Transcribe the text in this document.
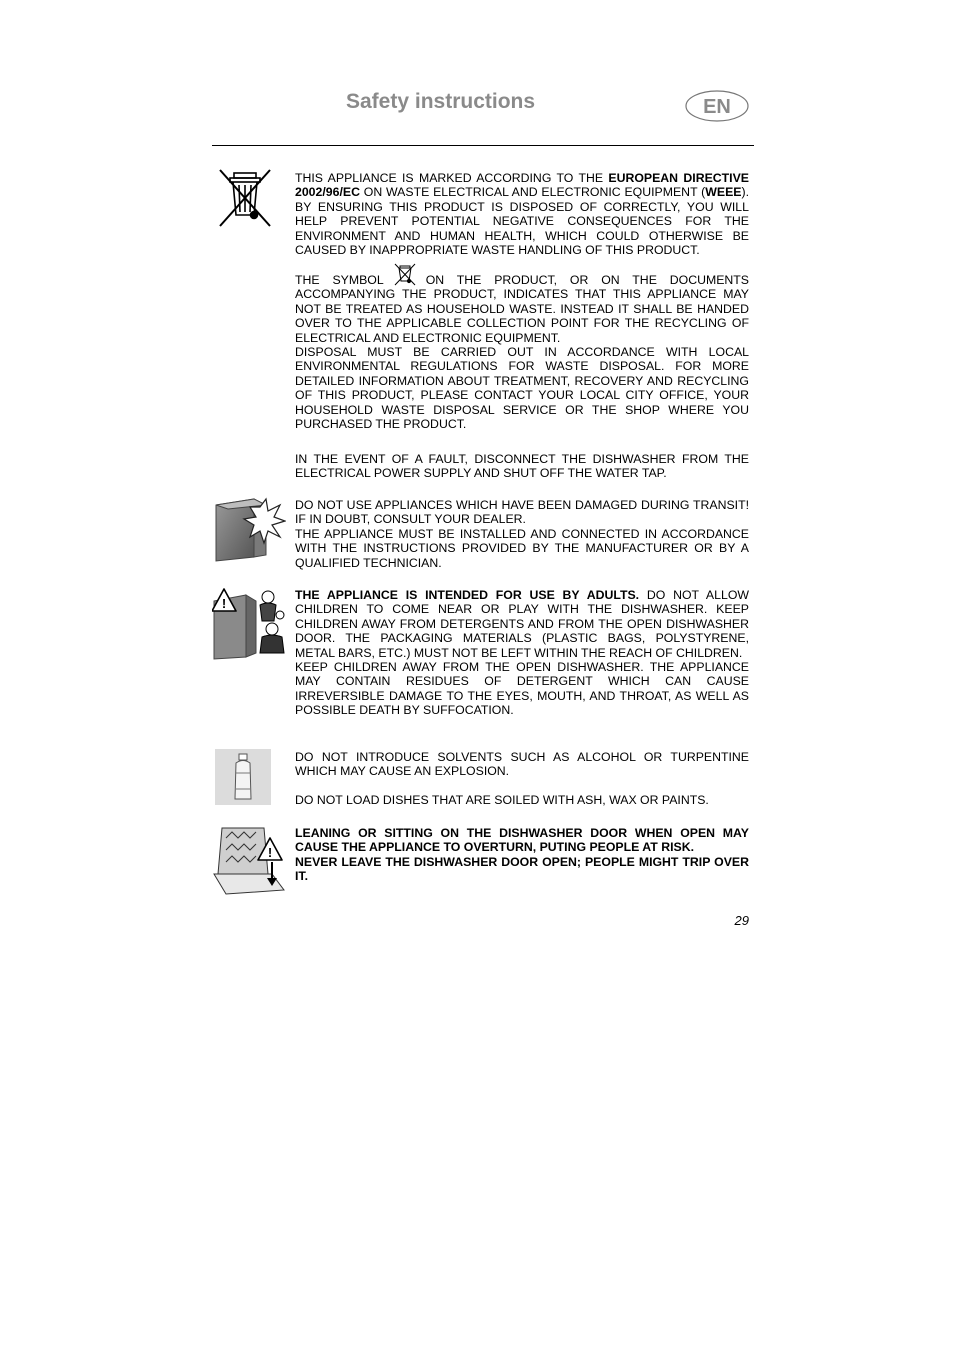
Safety instructions	EN

THIS APPLIANCE IS MARKED ACCORDING TO THE EUROPEAN DIRECTIVE 2002/96/EC ON WASTE ELECTRICAL AND ELECTRONIC EQUIPMENT (WEEE). BY ENSURING THIS PRODUCT IS DISPOSED OF CORRECTLY, YOU WILL HELP PREVENT POTENTIAL NEGATIVE CONSEQUENCES FOR THE ENVIRONMENT AND HUMAN HEALTH, WHICH COULD OTHERWISE BE CAUSED BY INAPPROPRIATE WASTE HANDLING OF THIS PRODUCT.

THE SYMBOL	ON THE PRODUCT, OR ON THE DOCUMENTS ACCOMPANYING THE PRODUCT, INDICATES THAT THIS APPLIANCE MAY NOT BE TREATED AS HOUSEHOLD WASTE. INSTEAD IT SHALL BE HANDED OVER TO THE APPLICABLE COLLECTION POINT FOR THE RECYCLING OF ELECTRICAL AND ELECTRONIC EQUIPMENT.

DISPOSAL MUST BE CARRIED OUT IN ACCORDANCE WITH LOCAL ENVIRONMENTAL REGULATIONS FOR WASTE DISPOSAL. FOR MORE DETAILED INFORMATION ABOUT TREATMENT, RECOVERY AND RECYCLING OF THIS PRODUCT, PLEASE CONTACT YOUR LOCAL CITY OFFICE, YOUR HOUSEHOLD WASTE DISPOSAL SERVICE OR THE SHOP WHERE YOU PURCHASED THE PRODUCT.

IN THE EVENT OF A FAULT, DISCONNECT THE DISHWASHER FROM THE ELECTRICAL POWER SUPPLY AND SHUT OFF THE WATER TAP.

DO NOT USE APPLIANCES WHICH HAVE BEEN DAMAGED DURING TRANSIT! IF IN DOUBT, CONSULT YOUR DEALER.

THE APPLIANCE MUST BE INSTALLED AND CONNECTED IN ACCORDANCE WITH THE INSTRUCTIONS PROVIDED BY THE MANUFACTURER OR BY A QUALIFIED TECHNICIAN.

!

THE APPLIANCE IS INTENDED FOR USE BY ADULTS. DO NOT ALLOW CHILDREN TO COME NEAR OR PLAY WITH THE DISHWASHER. KEEP CHILDREN AWAY FROM DETERGENTS AND FROM THE OPEN DISHWASHER DOOR. THE PACKAGING MATERIALS (PLASTIC BAGS, POLYSTYRENE, METAL BARS, ETC.) MUST NOT BE LEFT WITHIN THE REACH OF CHILDREN.

KEEP CHILDREN AWAY FROM THE OPEN DISHWASHER. THE APPLIANCE MAY CONTAIN RESIDUES OF DETERGENT WHICH CAN CAUSE IRREVERSIBLE DAMAGE TO THE EYES, MOUTH, AND THROAT, AS WELL AS POSSIBLE DEATH BY SUFFOCATION.

DO NOT INTRODUCE SOLVENTS SUCH AS ALCOHOL OR TURPENTINE WHICH MAY CAUSE AN EXPLOSION.

DO NOT LOAD DISHES THAT ARE SOILED WITH ASH, WAX OR PAINTS.

!

LEANING OR SITTING ON THE DISHWASHER DOOR WHEN OPEN MAY CAUSE THE APPLIANCE TO OVERTURN, PUTING PEOPLE AT RISK.

NEVER LEAVE THE DISHWASHER DOOR OPEN; PEOPLE MIGHT TRIP OVER IT.

29
